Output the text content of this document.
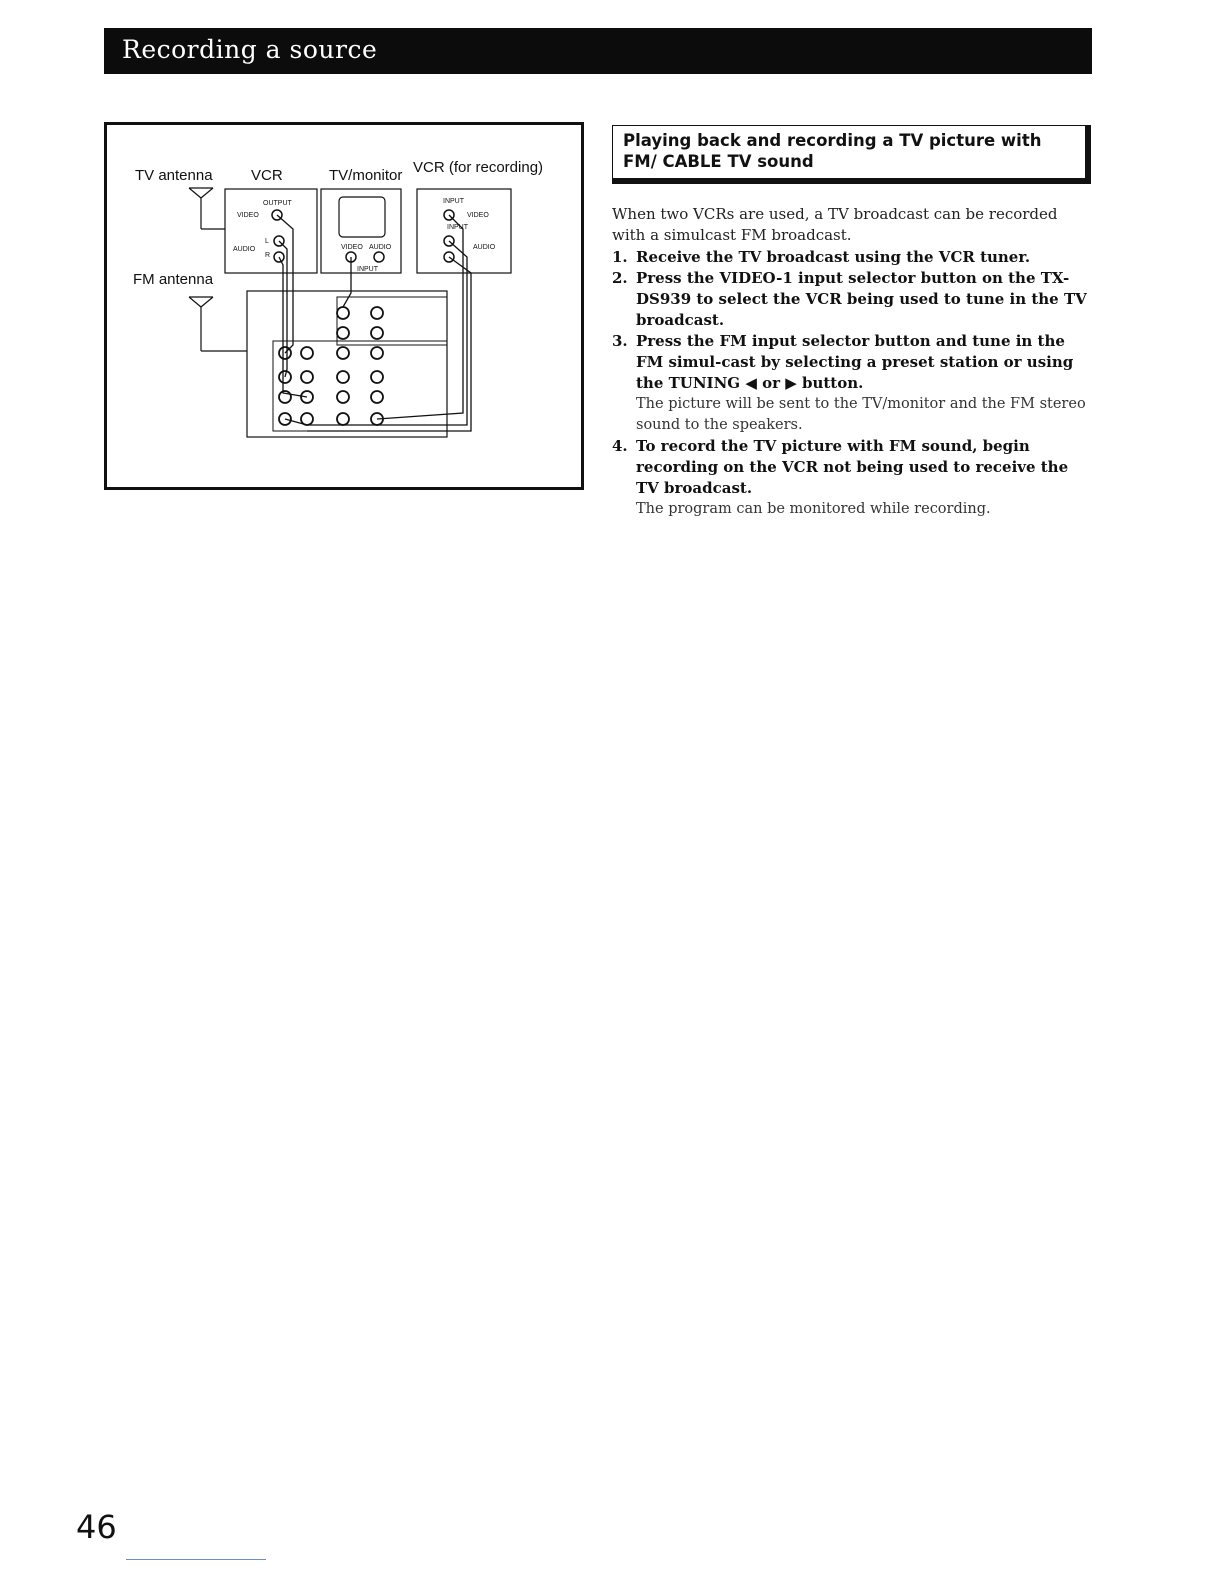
Recording a source
TV antenna	VCR	TV/monitor VCR (for recording)
FM antenna
OUTPUT
VIDEO
AUDIO
L
R
VIDEO AUDIO
INPUT
INPUT
VIDEO
INPUT
AUDIO
Playing back and recording a TV picture with FM/ CABLE TV sound

When two VCRs are used, a TV broadcast can be recorded with a simulcast FM broadcast.

1. Receive the TV broadcast using the VCR tuner.
2. Press the VIDEO-1 input selector button on the TX-DS939 to select the VCR being used to tune in the TV broadcast.
3. Press the FM input selector button and tune in the FM simul-cast by selecting a preset station or using the TUNING ◀ or ▶ button.
The picture will be sent to the TV/monitor and the FM stereo sound to the speakers.
4. To record the TV picture with FM sound, begin recording on the VCR not being used to receive the TV broadcast.
The program can be monitored while recording.
46
